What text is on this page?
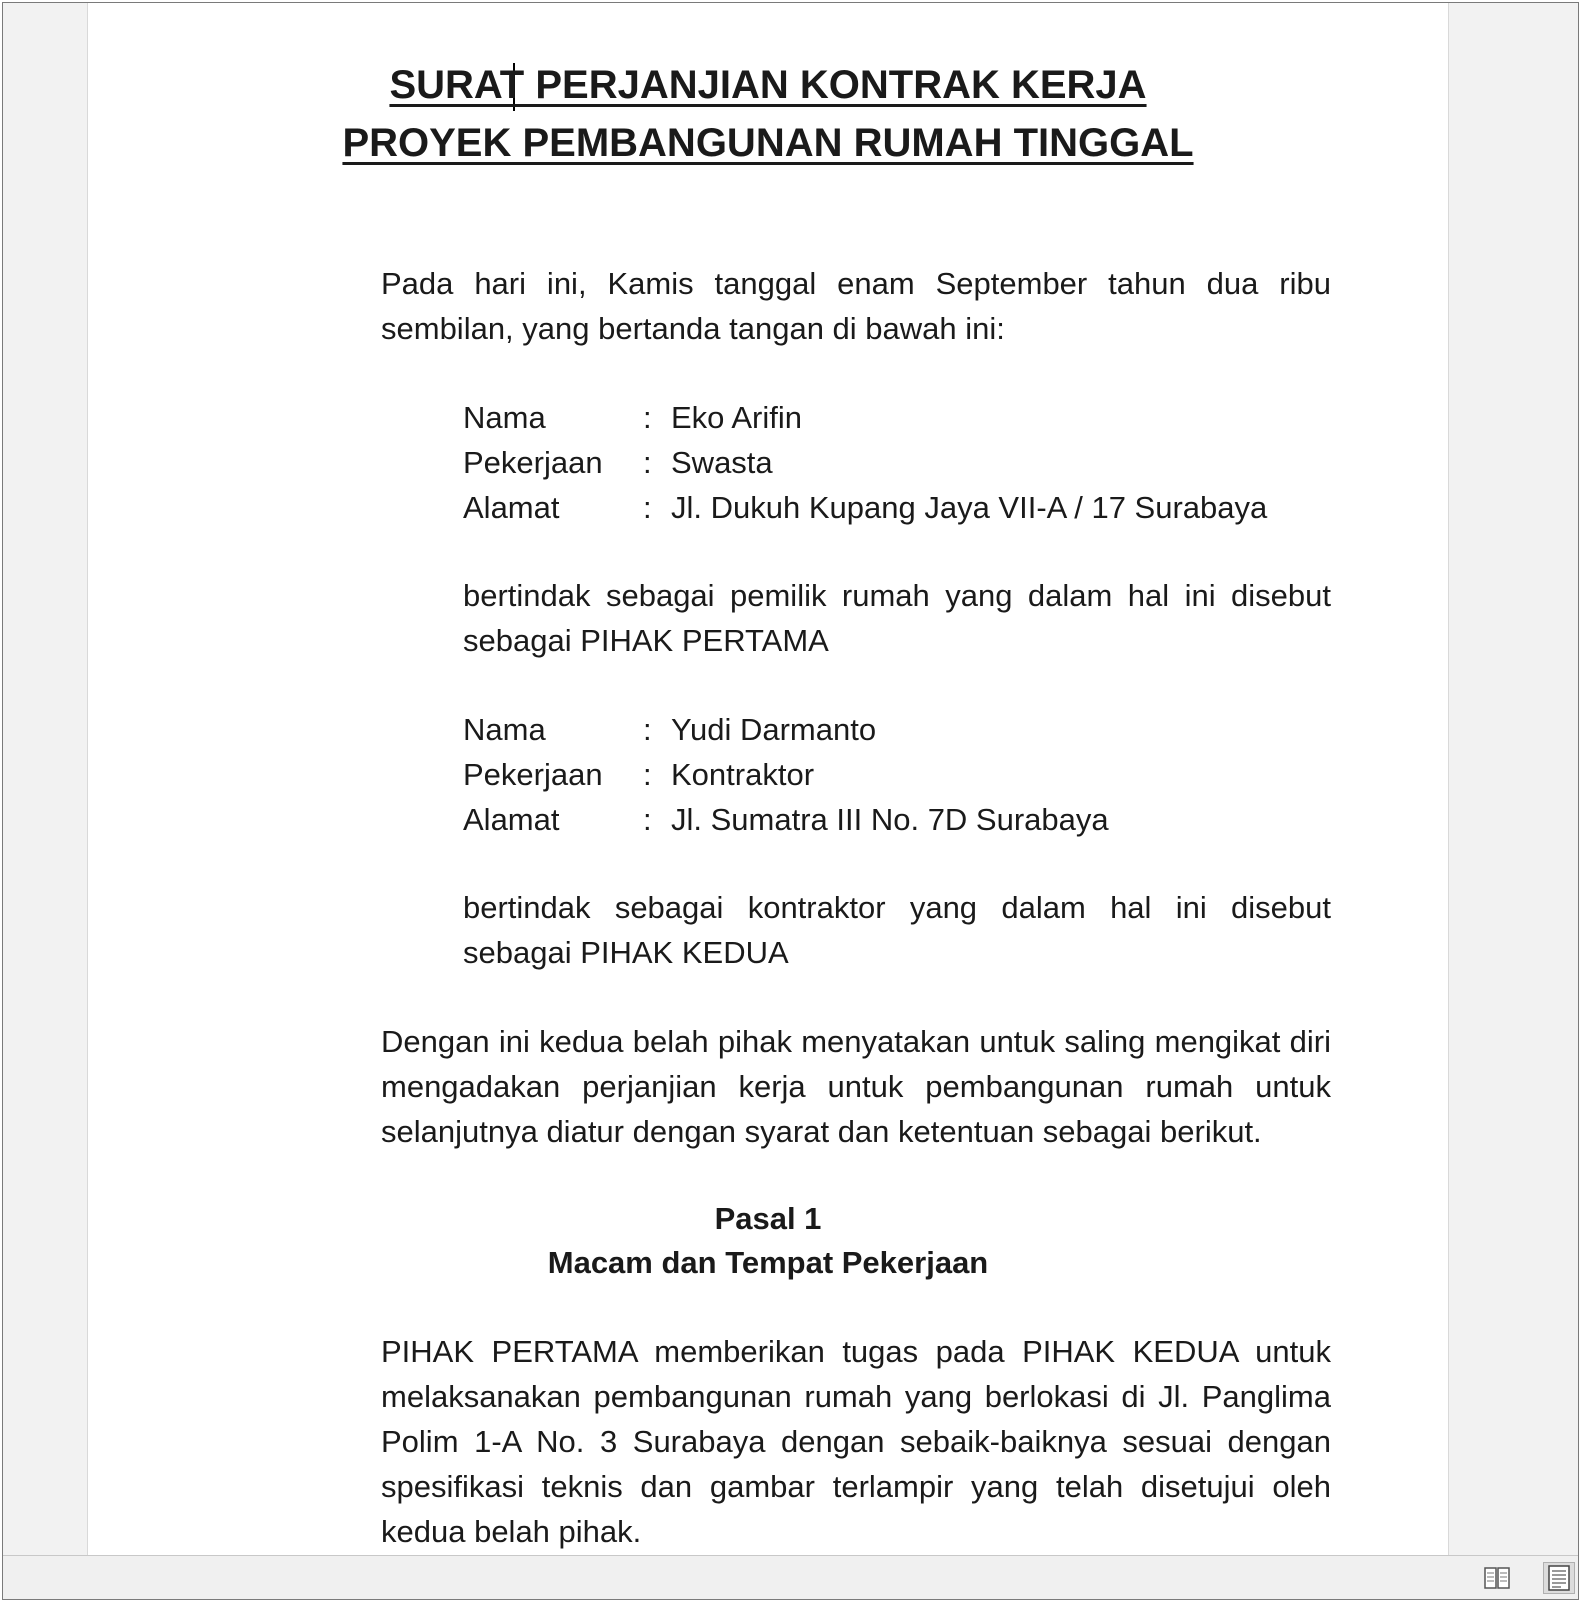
SURAT PERJANJIAN KONTRAK KERJA
PROYEK PEMBANGUNAN RUMAH TINGGAL
Pada hari ini, Kamis tanggal enam September tahun dua ribu sembilan, yang bertanda tangan di bawah ini:
Nama	: Eko Arifin
Pekerjaan : Swasta
Alamat	: Jl. Dukuh Kupang Jaya VII-A / 17 Surabaya
bertindak sebagai pemilik rumah yang dalam hal ini disebut sebagai PIHAK PERTAMA
Nama	: Yudi Darmanto
Pekerjaan : Kontraktor
Alamat	: Jl. Sumatra III No. 7D Surabaya
bertindak sebagai kontraktor yang dalam hal ini disebut sebagai PIHAK KEDUA
Dengan ini kedua belah pihak menyatakan untuk saling mengikat diri mengadakan perjanjian kerja untuk pembangunan rumah untuk selanjutnya diatur dengan syarat dan ketentuan sebagai berikut.
Pasal 1
Macam dan Tempat Pekerjaan
PIHAK PERTAMA memberikan tugas pada PIHAK KEDUA untuk melaksanakan pembangunan rumah yang berlokasi di Jl. Panglima Polim 1-A No. 3 Surabaya dengan sebaik-baiknya sesuai dengan spesifikasi teknis dan gambar terlampir yang telah disetujui oleh kedua belah pihak.
